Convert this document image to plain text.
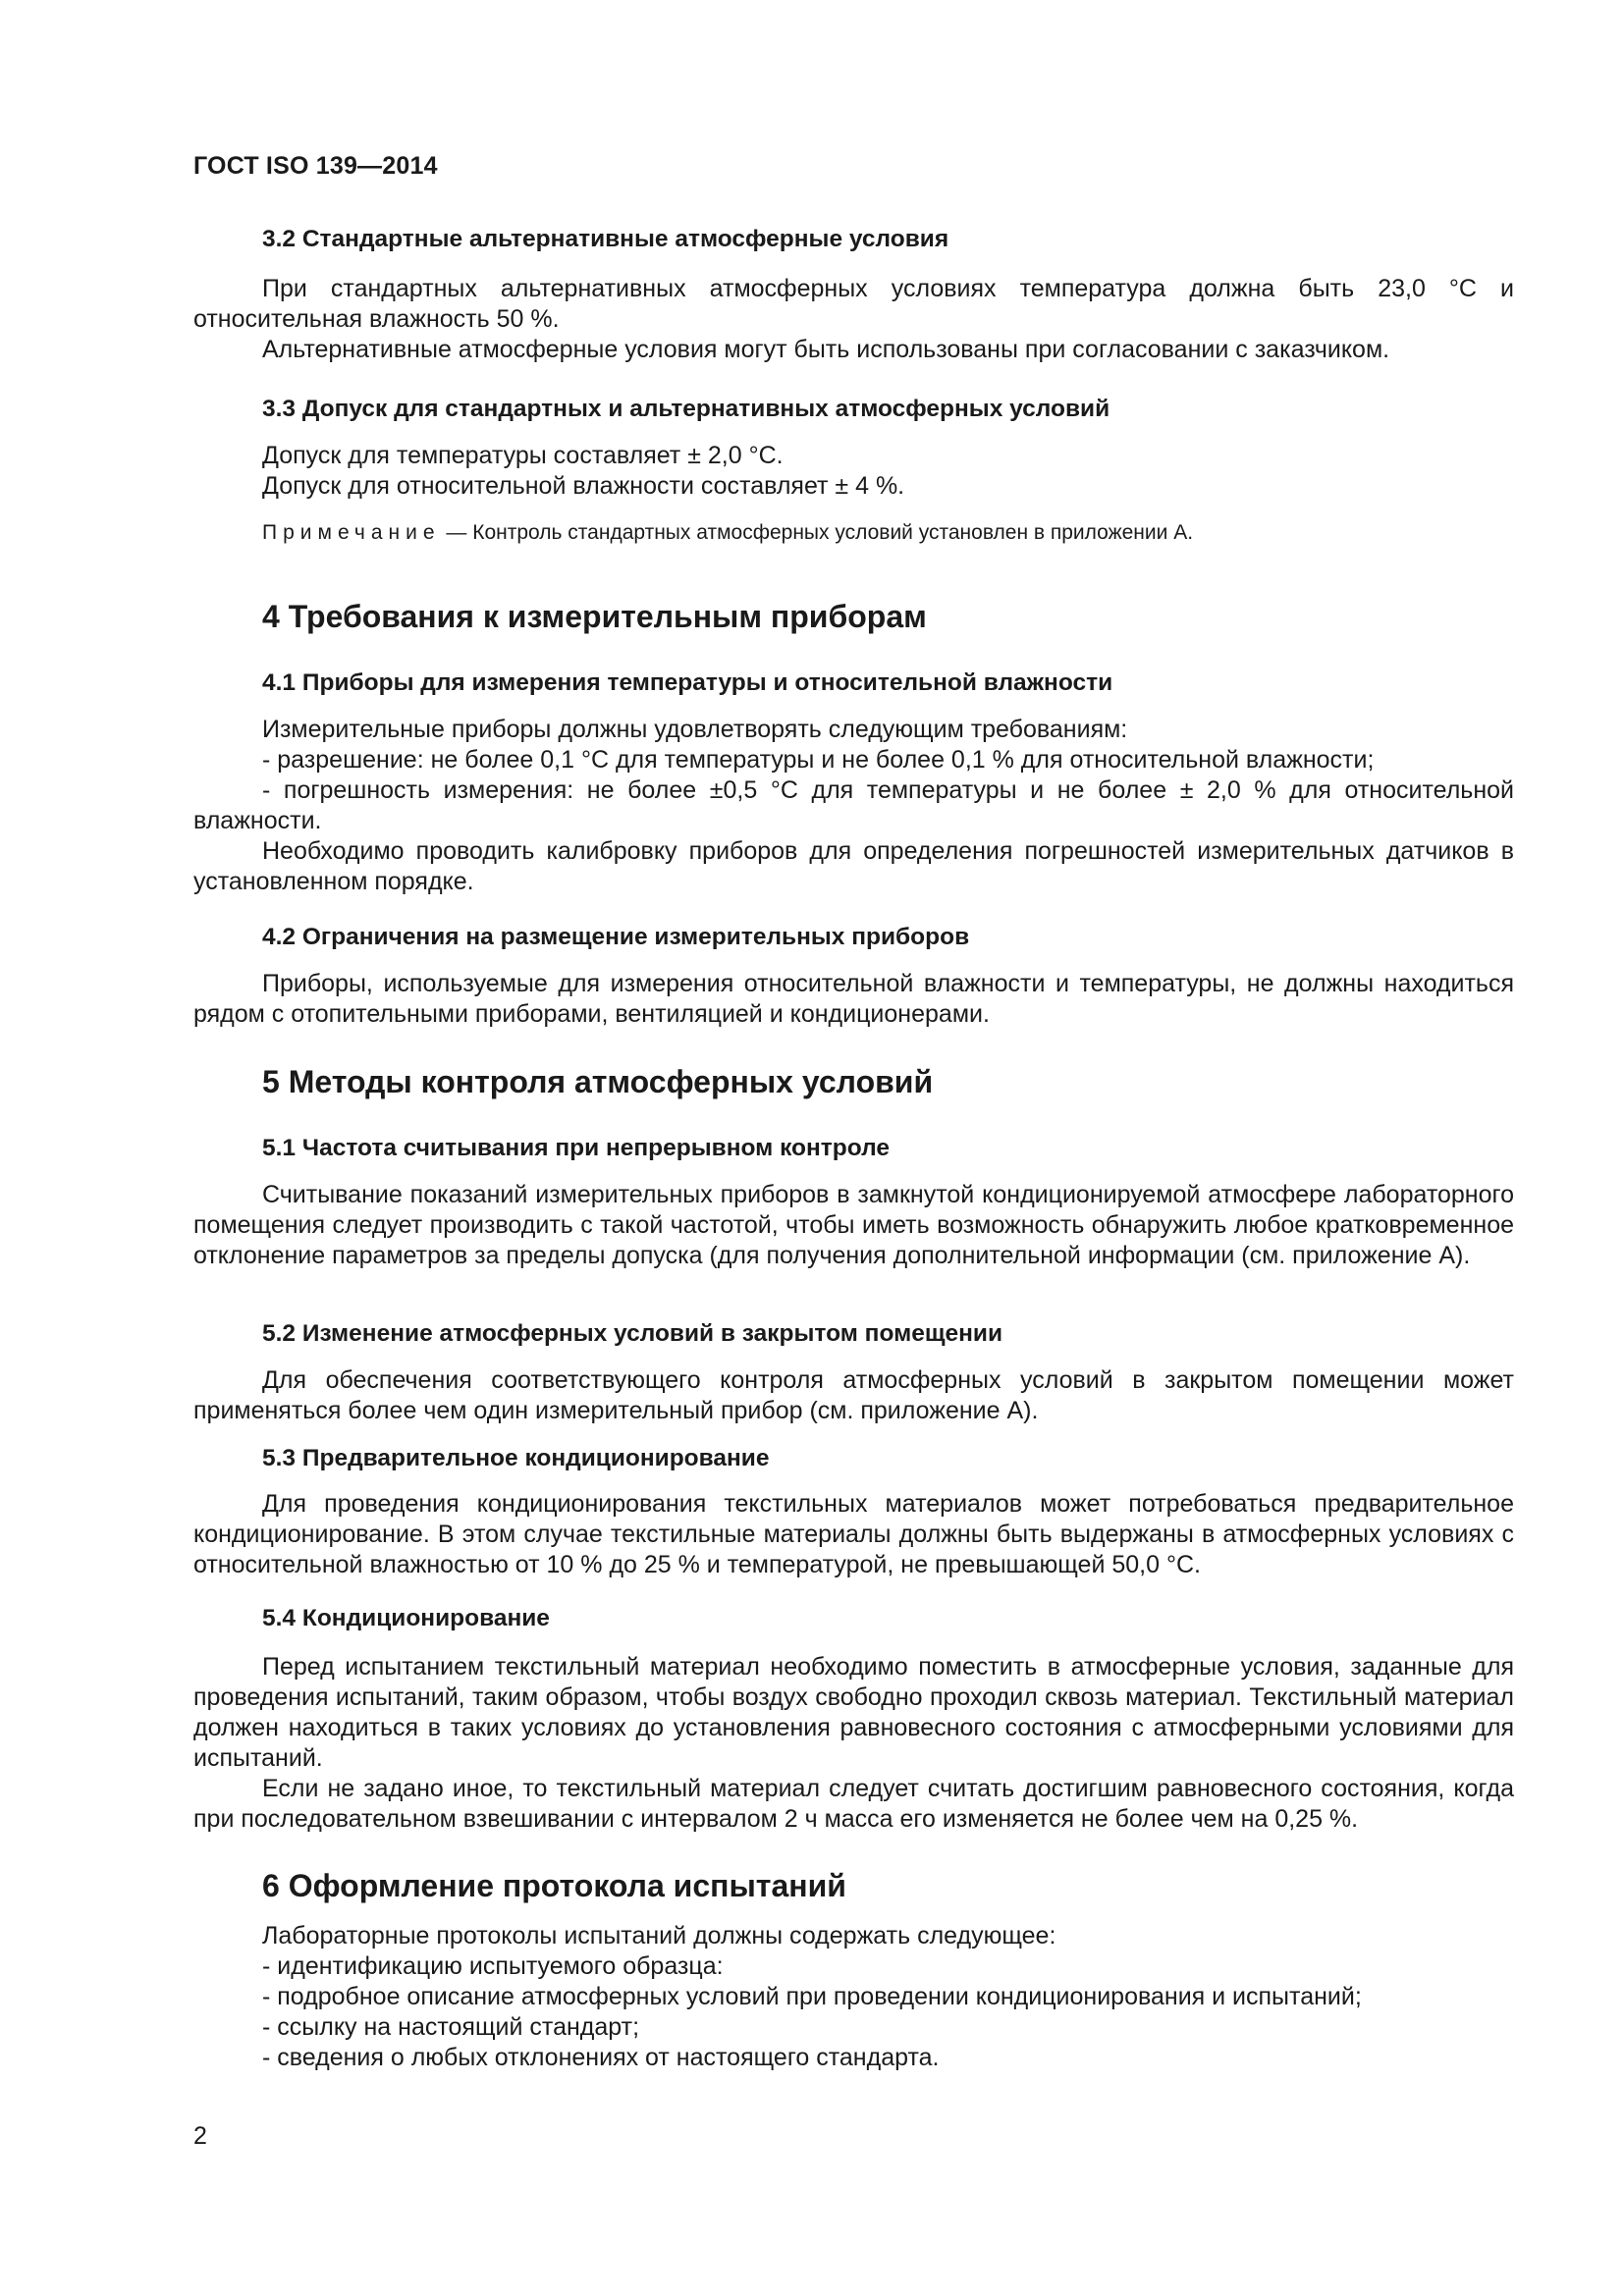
ГОСТ ISO 139—2014
3.2 Стандартные альтернативные атмосферные условия

При стандартных альтернативных атмосферных условиях температура должна быть 23,0 °С и относительная влажность 50 %.

Альтернативные атмосферные условия могут быть использованы при согласовании с заказчиком.

3.3 Допуск для стандартных и альтернативных атмосферных условий

Допуск для температуры составляет ± 2,0 °С.

Допуск для относительной влажности составляет ± 4 %.

Примечание — Контроль стандартных атмосферных условий установлен в приложении А.
4 Требования к измерительным приборам
4.1 Приборы для измерения температуры и относительной влажности

Измерительные приборы должны удовлетворять следующим требованиям:

- разрешение: не более 0,1 °С для температуры и не более 0,1 % для относительной влажности;

- погрешность измерения: не более ±0,5 °С для температуры и не более ± 2,0 % для относительной влажности.

Необходимо проводить калибровку приборов для определения погрешностей измерительных датчиков в установленном порядке.

4.2 Ограничения на размещение измерительных приборов

Приборы, используемые для измерения относительной влажности и температуры, не должны находиться рядом с отопительными приборами, вентиляцией и кондиционерами.

5 Методы контроля атмосферных условий
5.1 Частота считывания при непрерывном контроле

Считывание показаний измерительных приборов в замкнутой кондиционируемой атмосфере лабораторного помещения следует производить с такой частотой, чтобы иметь возможность обнаружить любое кратковременное отклонение параметров за пределы допуска (для получения дополнительной информации (см. приложение А).

5.2 Изменение атмосферных условий в закрытом помещении

Для обеспечения соответствующего контроля атмосферных условий в закрытом помещении может применяться более чем один измерительный прибор (см. приложение А).

5.3 Предварительное кондиционирование

Для проведения кондиционирования текстильных материалов может потребоваться предварительное кондиционирование. В этом случае текстильные материалы должны быть выдержаны в атмосферных условиях с относительной влажностью от 10 % до 25 % и температурой, не превышающей 50,0 °С.

5.4 Кондиционирование

Перед испытанием текстильный материал необходимо поместить в атмосферные условия, заданные для проведения испытаний, таким образом, чтобы воздух свободно проходил сквозь материал. Текстильный материал должен находиться в таких условиях до установления равновесного состояния с атмосферными условиями для испытаний.

Если не задано иное, то текстильный материал следует считать достигшим равновесного состояния, когда при последовательном взвешивании с интервалом 2 ч масса его изменяется не более чем на 0,25 %.

6 Оформление протокола испытаний

Лабораторные протоколы испытаний должны содержать следующее:

- идентификацию испытуемого образца:

- подробное описание атмосферных условий при проведении кондиционирования и испытаний;

- ссылку на настоящий стандарт;

- сведения о любых отклонениях от настоящего стандарта.

2
